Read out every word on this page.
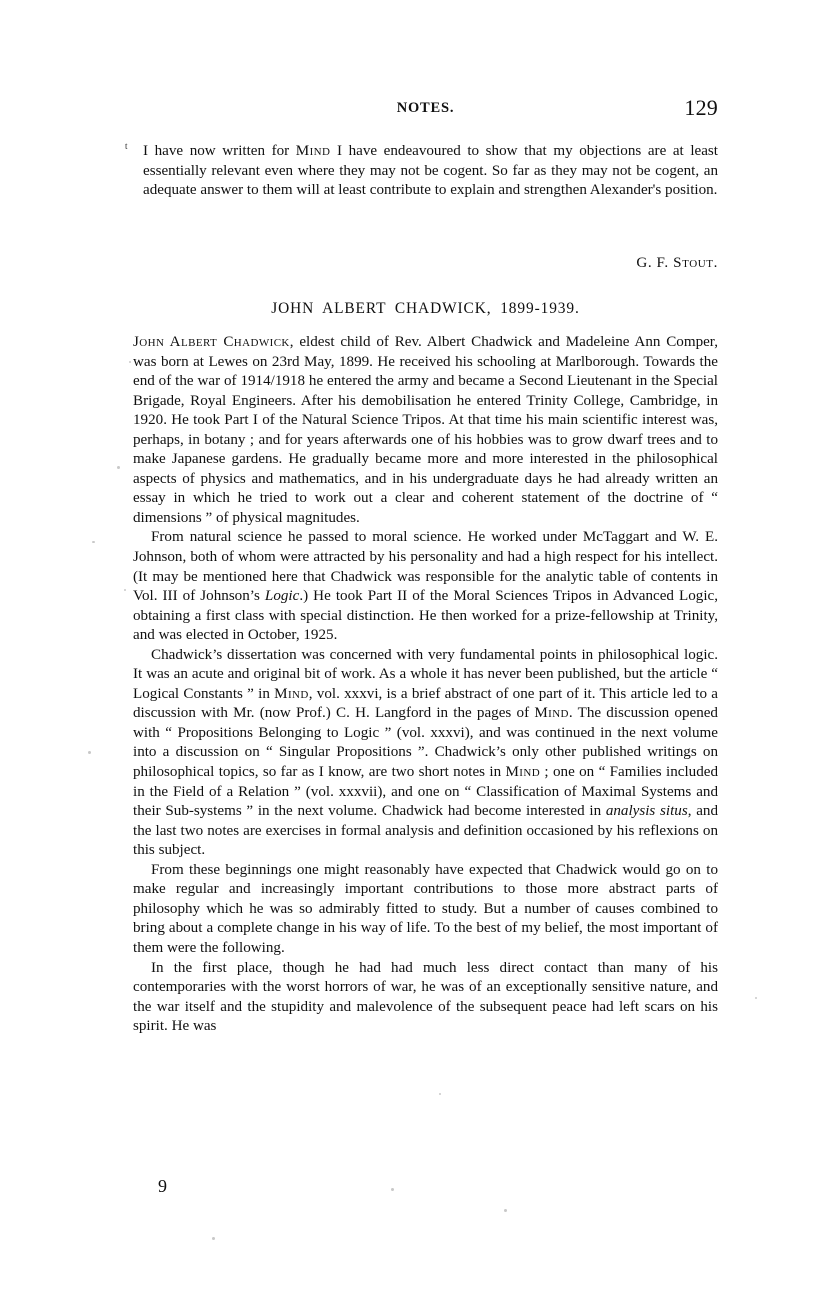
NOTES.	129
t I have now written for Mind I have endeavoured to show that my objections are at least essentially relevant even where they may not be cogent. So far as they may not be cogent, an adequate answer to them will at least contribute to explain and strengthen Alexander's position.
G. F. Stout.
JOHN ALBERT CHADWICK, 1899-1939.

John Albert Chadwick, eldest child of Rev. Albert Chadwick and Madeleine Ann Comper, was born at Lewes on 23rd May, 1899. He received his schooling at Marlborough. Towards the end of the war of 1914/1918 he entered the army and became a Second Lieutenant in the Special Brigade, Royal Engineers. After his demobilisation he entered Trinity College, Cambridge, in 1920. He took Part I of the Natural Science Tripos. At that time his main scientific interest was, perhaps, in botany ; and for years afterwards one of his hobbies was to grow dwarf trees and to make Japanese gardens. He gradually became more and more interested in the philosophical aspects of physics and mathematics, and in his undergraduate days he had already written an essay in which he tried to work out a clear and coherent statement of the doctrine of “ dimensions ” of physical magnitudes.

From natural science he passed to moral science. He worked under McTaggart and W. E. Johnson, both of whom were attracted by his personality and had a high respect for his intellect. (It may be mentioned here that Chadwick was responsible for the analytic table of contents in Vol. III of Johnson’s Logic.) He took Part II of the Moral Sciences Tripos in Advanced Logic, obtaining a first class with special distinction. He then worked for a prize-fellowship at Trinity, and was elected in October, 1925.

Chadwick’s dissertation was concerned with very fundamental points in philosophical logic. It was an acute and original bit of work. As a whole it has never been published, but the article “ Logical Constants ” in Mind, vol. xxxvi, is a brief abstract of one part of it. This article led to a discussion with Mr. (now Prof.) C. H. Langford in the pages of Mind. The discussion opened with “ Propositions Belonging to Logic ” (vol. xxxvi), and was continued in the next volume into a discussion on “ Singular Propositions ”. Chadwick’s only other published writings on philosophical topics, so far as I know, are two short notes in Mind ; one on “ Families included in the Field of a Relation ” (vol. xxxvii), and one on “ Classification of Maximal Systems and their Sub-systems ” in the next volume. Chadwick had become interested in analysis situs, and the last two notes are exercises in formal analysis and definition occasioned by his reflexions on this subject.

From these beginnings one might reasonably have expected that Chadwick would go on to make regular and increasingly important contributions to those more abstract parts of philosophy which he was so admirably fitted to study. But a number of causes combined to bring about a complete change in his way of life. To the best of my belief, the most important of them were the following.

In the first place, though he had had much less direct contact than many of his contemporaries with the worst horrors of war, he was of an exceptionally sensitive nature, and the war itself and the stupidity and malevolence of the subsequent peace had left scars on his spirit. He was

9
